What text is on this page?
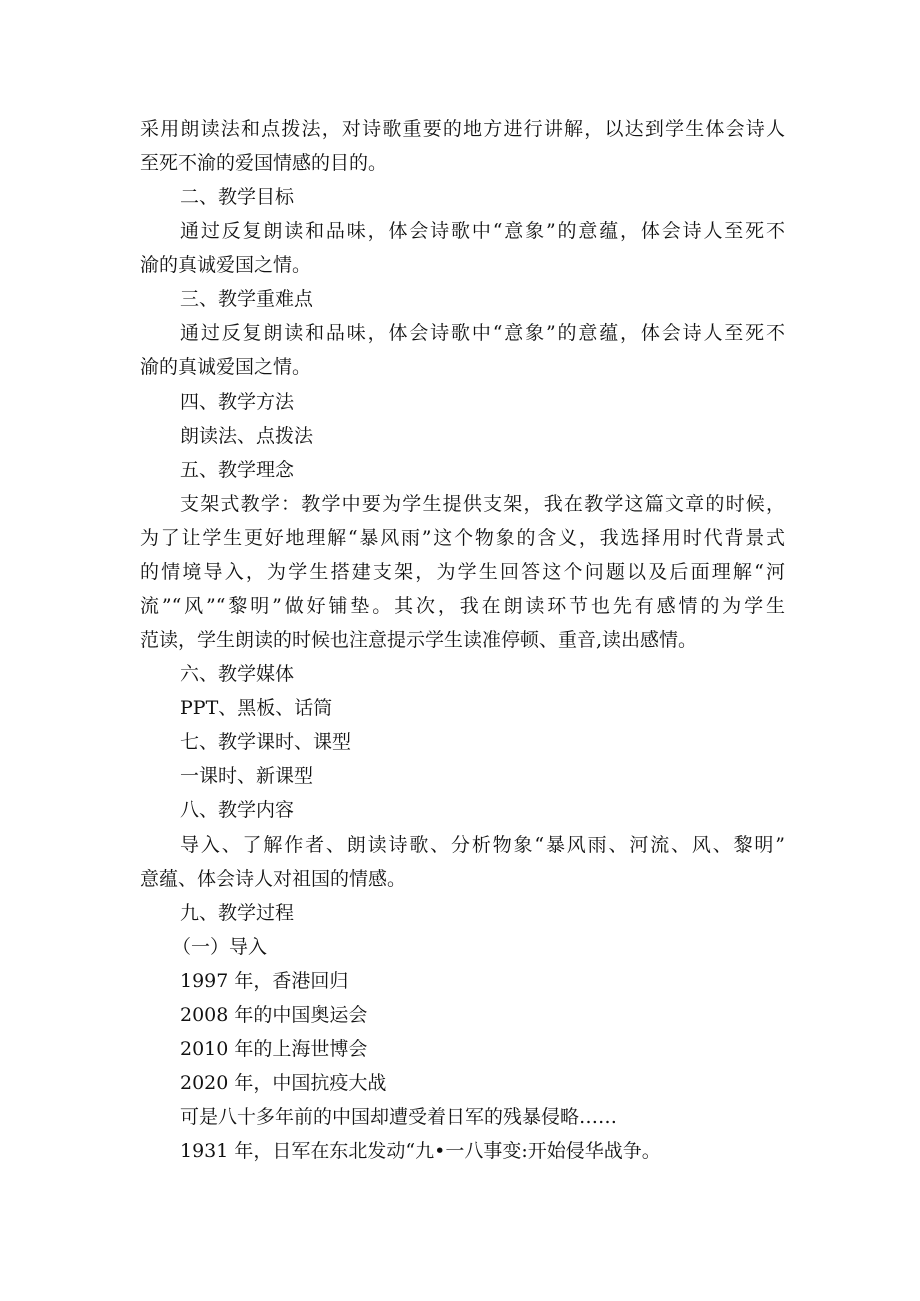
采用朗读法和点拨法，对诗歌重要的地方进行讲解，以达到学生体会诗人
至死不渝的爱国情感的目的。
二、教学目标
通过反复朗读和品味，体会诗歌中“意象”的意蕴，体会诗人至死不
渝的真诚爱国之情。
三、教学重难点
通过反复朗读和品味，体会诗歌中“意象”的意蕴，体会诗人至死不
渝的真诚爱国之情。
四、教学方法
朗读法、点拨法
五、教学理念
支架式教学：教学中要为学生提供支架，我在教学这篇文章的时候，
为了让学生更好地理解“暴风雨”这个物象的含义，我选择用时代背景式
的情境导入，为学生搭建支架，为学生回答这个问题以及后面理解“河
流”“风”“黎明”做好铺垫。其次，我在朗读环节也先有感情的为学生
范读，学生朗读的时候也注意提示学生读准停顿、重音,读出感情。
六、教学媒体
PPT、黑板、话筒
七、教学课时、课型
一课时、新课型
八、教学内容
导入、了解作者、朗读诗歌、分析物象“暴风雨、河流、风、黎明”
意蕴、体会诗人对祖国的情感。
九、教学过程
（一）导入
1997 年，香港回归
2008 年的中国奥运会
2010 年的上海世博会
2020 年，中国抗疫大战
可是八十多年前的中国却遭受着日军的残暴侵略……
1931 年，日军在东北发动“九•一八事变:开始侵华战争。
